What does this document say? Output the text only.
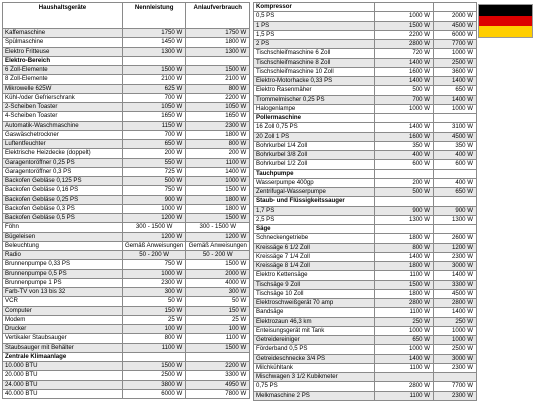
Haushaltsgeräte	Nennleistung	Anlaufverbrauch
Kaffemaschine	1750 W	1750 W
Spülmaschine	1450 W	1800 W
Elektro Fritteuse	1300 W	1300 W
Elektro-Bereich		
6 Zoll-Elemente	1500 W	1500 W
8 Zoll-Elemente	2100 W	2100 W
Mikrowelle 625W	625 W	800 W
Kühl-/oder Gefrierschrank	700 W	2200 W
2-Scheiben Toaster	1050 W	1050 W
4-Scheiben Toaster	1650 W	1650 W
Automatik-Waschmaschine	1150 W	2300 W
Gaswäschetrockner	700 W	1800 W
Luftentfeuchter	650 W	800 W
Elektrische Heizdecke (doppelt)	200 W	200 W
Garagentoröffner 0,25 PS	550 W	1100 W
Garagentoröffner 0,3 PS	725 W	1400 W
Backofen Gebläse 0,125 PS	500 W	1000 W
Backofen Gebläse 0,16 PS	750 W	1500 W
Backofen Gebläse 0,25 PS	900 W	1800 W
Backofen Gebläse 0,3 PS	1000 W	1800 W
Backofen Gebläse 0,5 PS	1200 W	1500 W
Föhn	300 - 1500 W	300 - 1500 W
Bügeleisen	1200 W	1200 W
Beleuchtung	Gemäß Anweisungen	Gemäß Anweisungen
Radio	50 - 200 W	50 - 200 W
Brunnenpumpe 0,33 PS	750 W	1500 W
Brunnenpumpe 0,5 PS	1000 W	2000 W
Brunnenpumpe 1 PS	2300 W	4000 W
Farb-TV von 13 bis 32	300 W	300 W
VCR	50 W	50 W
Computer	150 W	150 W
Modem	25 W	25 W
Drucker	100 W	100 W
Vertikaler Staubsauger	800 W	1100 W
Staubsauger mit Behälter	1100 W	1500 W
Zentrale Klimaanlage		
10.000 BTU	1500 W	2200 W
20.000 BTU	2500 W	3300 W
24.000 BTU	3800 W	4950 W
40.000 BTU	6000 W	7800 W
Kompressor		
0,5 PS	1000 W	2000 W
1 PS	1500 W	4500 W
1,5 PS	2200 W	6000 W
2 PS	2800 W	7700 W
Tischschleifmaschine 6 Zoll	720 W	1000 W
Tischschleifmaschine 8 Zoll	1400 W	2500 W
Tischschleifmaschine 10 Zoll	1600 W	3600 W
Elektro-Motorhacke 0,33 PS	1400 W	1400 W
Elektro Rasenmäher	500 W	650 W
Trommelmischer 0,25 PS	700 W	1400 W
Halogenlampe	1000 W	1000 W
Pollermaschine		
16 Zoll 0,75 PS	1400 W	3100 W
20 Zoll 1 PS	1600 W	4500 W
Bohrkurbel 1/4 Zoll	350 W	350 W
Bohrkurbel 3/8 Zoll	400 W	400 W
Bohrkurbel 1/2 Zoll	600 W	600 W
Tauchpumpe		
Wasserpumpe 400gp	200 W	400 W
Zentrifugal-Wasserpumpe	500 W	650 W
Staub- und Flüssigkeitssauger		
1,7 PS	900 W	900 W
2,5 PS	1300 W	1300 W
Säge		
Schneckengetriebe	1800 W	2600 W
Kreissäge 6 1/2 Zoll	800 W	1200 W
Kreissäge 7 1/4 Zoll	1400 W	2300 W
Kreissäge 8 1/4 Zoll	1800 W	3000 W
Elektro Kettensäge	1100 W	1400 W
Tischsäge 9 Zoll	1500 W	3300 W
Tischsäge 10 Zoll	1800 W	4500 W
Elektroschweißgerät 70 amp	2800 W	2800 W
Bandsäge	1100 W	1400 W
Elektrozaun 46,3 km	250 W	250 W
Enteisungsgerät mit Tank	1000 W	1000 W
Getreidereiniger	650 W	1000 W
Förderband 0,5 PS	1000 W	2500 W
Getreideschnecke 3/4 PS	1400 W	3000 W
Milchkühltank	1100 W	2300 W
Mischwagen 3 1/2 Kubikmeter		
0,75 PS	2800 W	7700 W
Melkmaschine 2 PS	1100 W	2300 W
